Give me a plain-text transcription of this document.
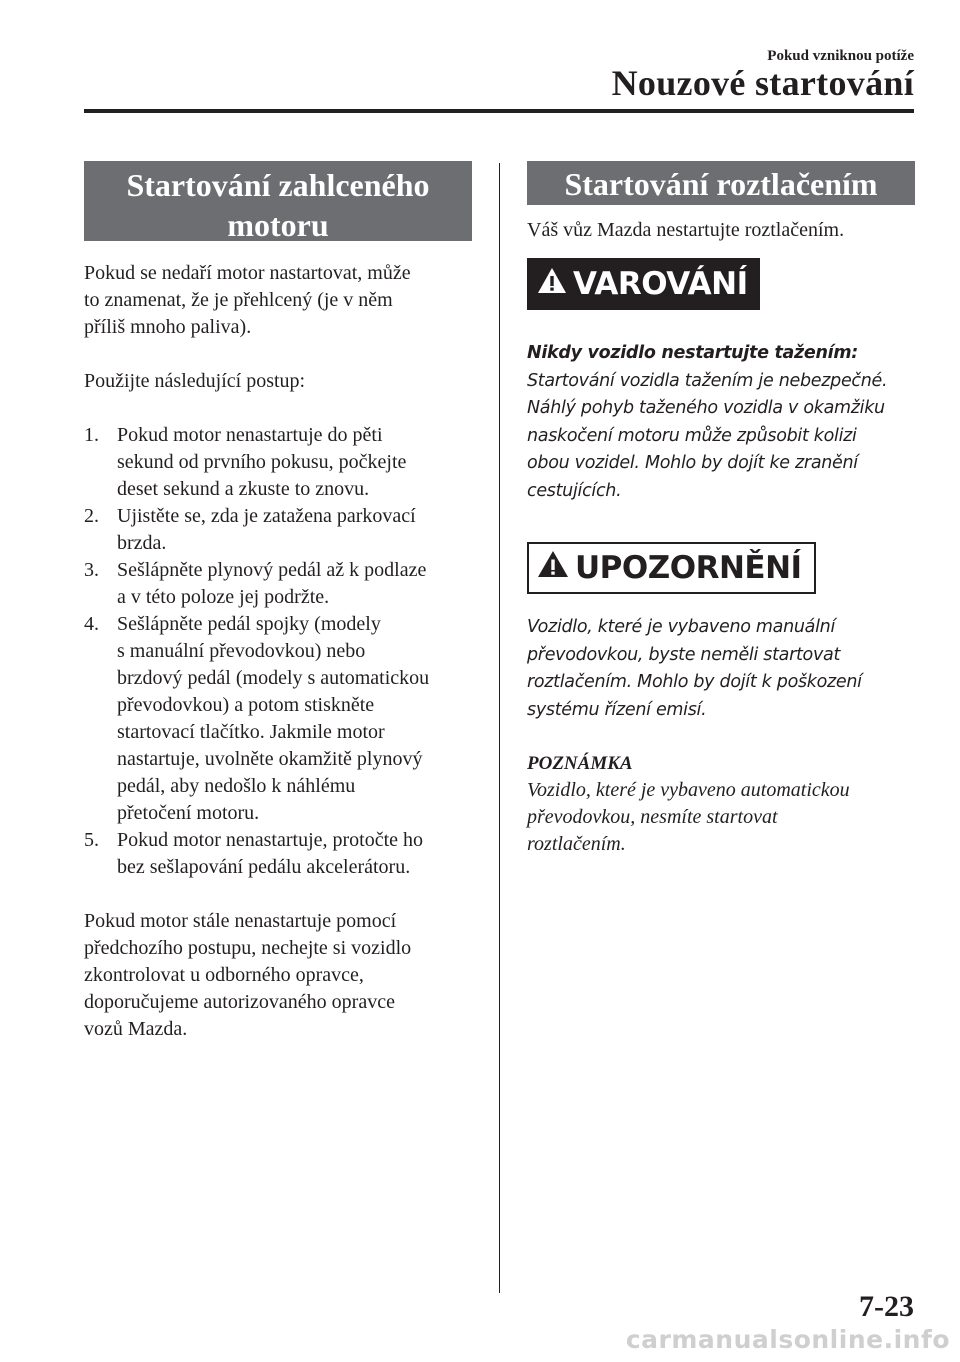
Pokud vzniknou potíže
Nouzové startování
Startování zahlceného
motoru

Pokud se nedaří motor nastartovat, může

to znamenat, že je přehlcený (je v něm

příliš mnoho paliva).

Použijte následující postup:

1. Pokud motor nenastartuje do pěti
sekund od prvního pokusu, počkejte
deset sekund a zkuste to znovu.
2. Ujistěte se, zda je zatažena parkovací
brzda.
3. Sešlápněte plynový pedál až k podlaze
a v této poloze jej podržte.
4. Sešlápněte pedál spojky (modely
s manuální převodovkou) nebo
brzdový pedál (modely s automatickou
převodovkou) a potom stiskněte
startovací tlačítko. Jakmile motor
nastartuje, uvolněte okamžitě plynový
pedál, aby nedošlo k náhlému
přetočení motoru.
5. Pokud motor nenastartuje, protočte ho
bez sešlapování pedálu akcelerátoru.

Pokud motor stále nenastartuje pomocí

předchozího postupu, nechejte si vozidlo

zkontrolovat u odborného opravce,

doporučujeme autorizovaného opravce

vozů Mazda.

Startování roztlačením

Váš vůz Mazda nestartujte roztlačením.

VAROVÁNÍ

Nikdy vozidlo nestartujte tažením:

Startování vozidla tažením je nebezpečné.

Náhlý pohyb taženého vozidla v okamžiku

naskočení motoru může způsobit kolizi

obou vozidel. Mohlo by dojít ke zranění

cestujících.

UPOZORNĚNÍ

Vozidlo, které je vybaveno manuální

převodovkou, byste neměli startovat

roztlačením. Mohlo by dojít k poškození

systému řízení emisí.

POZNÁMKA

Vozidlo, které je vybaveno automatickou

převodovkou, nesmíte startovat

roztlačením.

7-23
carmanualsonline.info
